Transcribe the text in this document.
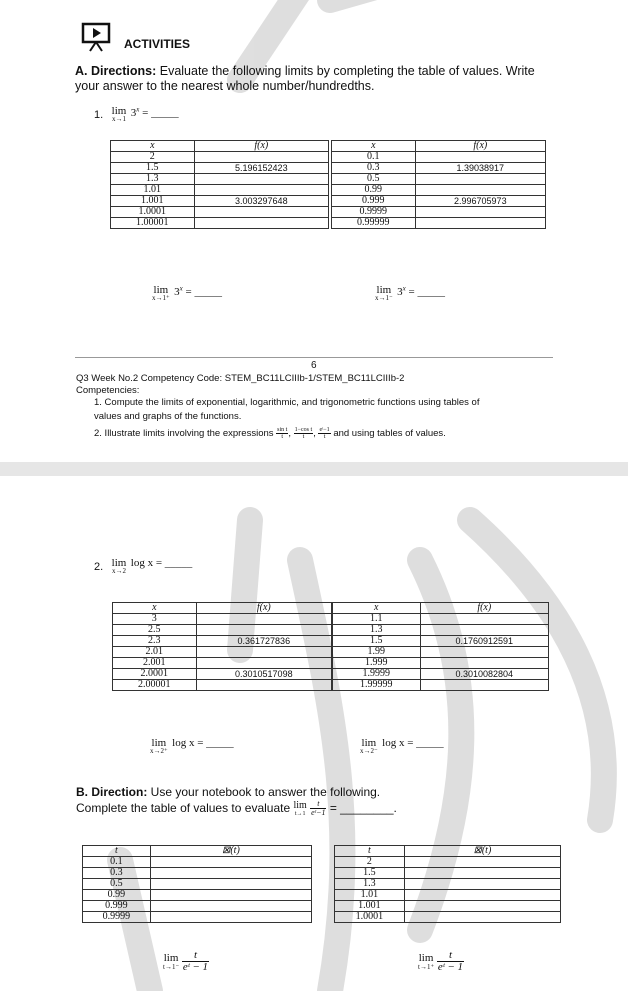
ACTIVITIES
A. Directions: Evaluate the following limits by completing the table of values. Write
your answer to the nearest whole number/hundredths.
1. lim
x→1
$^{3^x = \_\_\_\_\_}$
x	f(x)
2	
1.5	5.196152423
1.3	
1.01	
1.001	3.003297648
1.0001	
1.00001	
x	f(x)
0.1	
0.3	1.39038917
0.5	
0.99	
0.999	2.996705973
0.9999	
0.99999	
lim
x→1⁺
$^{3^x = \_\_\_\_\_}$	lim
x→1⁻
$^{3^x = \_\_\_\_\_}$
6
Q3 Week No.2 Competency Code: STEM_BC11LCIIIb-1/STEM_BC11LCIIIb-2
Competencies:
1. Compute the limits of exponential, logarithmic, and trigonometric functions using tables of
values and graphs of the functions.
2. Illustrate limits involving the expressions $\frac{\text{sin t}}{t}$ , $\frac{\text{1−cos t}}{t}$ , $\frac{\text{eᵗ−1}}{t}$ and using tables of values.
2. lim
x→2
$^{log x = \_\_\_\_\_}$
x	f(x)
3	
2.5	
2.3	0.361727836
2.01	
2.001	
2.0001	0.3010517098
2.00001	
x	f(x)
1.1	
1.3	
1.5	0.1760912591
1.99	
1.999	
1.9999	0.3010082804
1.99999	
lim
x→2⁺
$^{log x = \_\_\_\_\_}$	lim
x→2⁻
$^{log x = \_\_\_\_\_}$
B. Direction: Use your notebook to answer the following.
Complete the table of values to evaluate lim
t→1
$\frac{t}{\text{eᵗ−1}}$ = ________.
t	⊠(t)
0.1	
0.3	
0.5	
0.99	
0.999	
0.9999	
t	⊠(t)
2	
1.5	
1.3	
1.01	
1.001	
1.0001	
lim
t→1⁻
$\frac{t}{\text{eᵗ − 1}}$	lim
t→1⁺
$\frac{t}{\text{eᵗ − 1}}$
